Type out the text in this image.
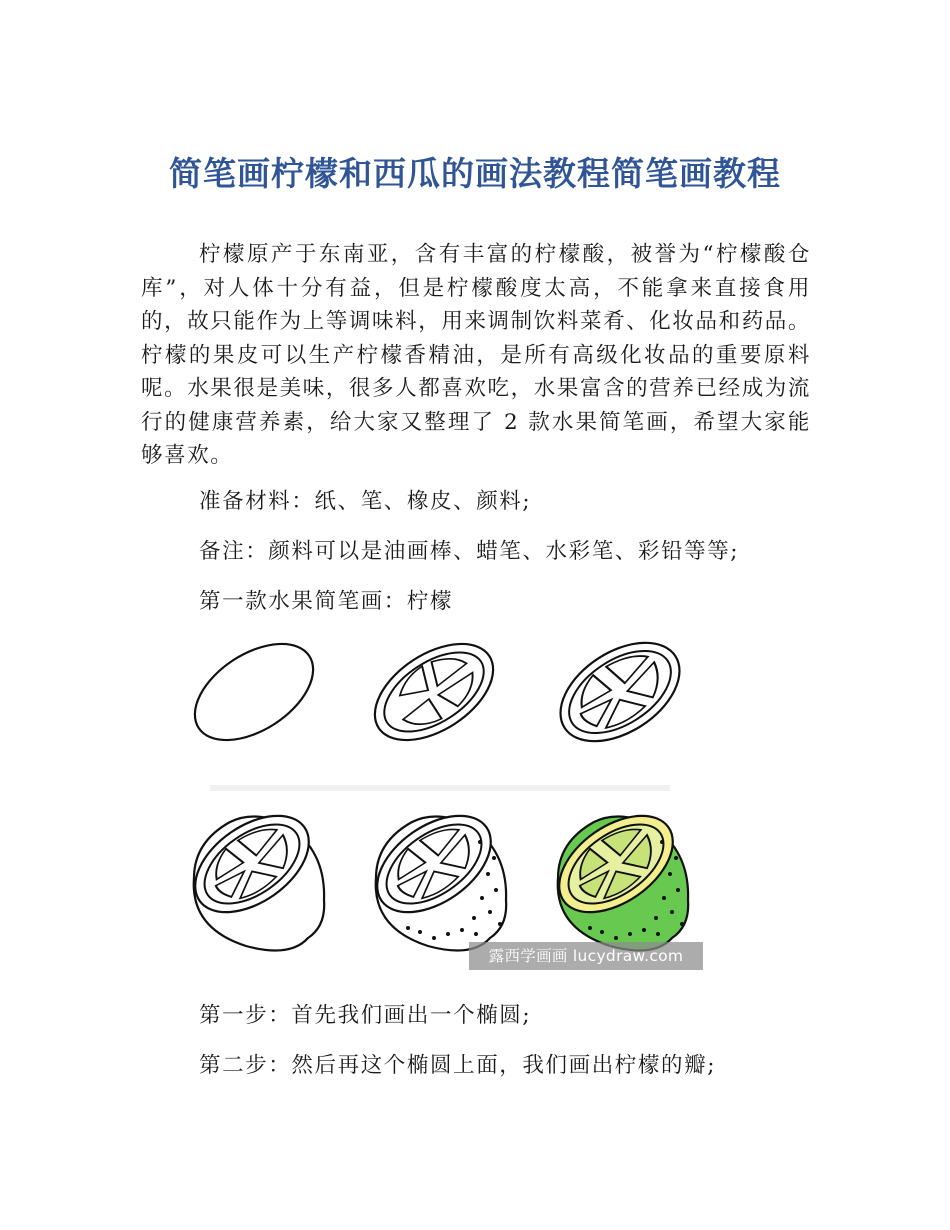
简笔画柠檬和西瓜的画法教程简笔画教程

柠檬原产于东南亚，含有丰富的柠檬酸，被誉为“柠檬酸仓库”，对人体十分有益，但是柠檬酸度太高，不能拿来直接食用的，故只能作为上等调味料，用来调制饮料菜肴、化妆品和药品。柠檬的果皮可以生产柠檬香精油，是所有高级化妆品的重要原料呢。水果很是美味，很多人都喜欢吃，水果富含的营养已经成为流行的健康营养素，给大家又整理了 2 款水果简笔画，希望大家能够喜欢。

准备材料：纸、笔、橡皮、颜料;

备注：颜料可以是油画棒、蜡笔、水彩笔、彩铅等等;

第一款水果简笔画：柠檬

露西学画画 lucydraw.com

第一步：首先我们画出一个椭圆;

第二步：然后再这个椭圆上面，我们画出柠檬的瓣;
